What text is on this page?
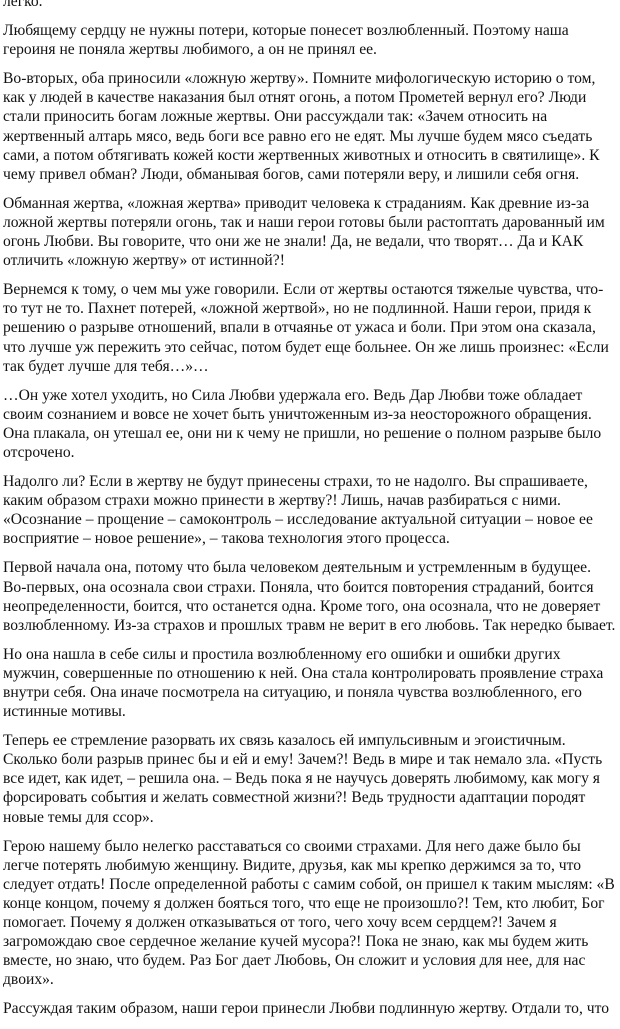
легко.

Любящему сердцу не нужны потери, которые понесет возлюбленный. Поэтому наша героиня не поняла жертвы любимого, а он не принял ее.

Во-вторых, оба приносили «ложную жертву». Помните мифологическую историю о том, как у людей в качестве наказания был отнят огонь, а потом Прометей вернул его? Люди стали приносить богам ложные жертвы. Они рассуждали так: «Зачем относить на жертвенный алтарь мясо, ведь боги все равно его не едят. Мы лучше будем мясо съедать сами, а потом обтягивать кожей кости жертвенных животных и относить в святилище». К чему привел обман? Люди, обманывая богов, сами потеряли веру, и лишили себя огня.

Обманная жертва, «ложная жертва» приводит человека к страданиям. Как древние из-за ложной жертвы потеряли огонь, так и наши герои готовы были растоптать дарованный им огонь Любви. Вы говорите, что они же не знали! Да, не ведали, что творят… Да и КАК отличить «ложную жертву» от истинной?!

Вернемся к тому, о чем мы уже говорили. Если от жертвы остаются тяжелые чувства, что-то тут не то. Пахнет потерей, «ложной жертвой», но не подлинной. Наши герои, придя к решению о разрыве отношений, впали в отчаянье от ужаса и боли. При этом она сказала, что лучше уж пережить это сейчас, потом будет еще больнее. Он же лишь произнес: «Если так будет лучше для тебя…»…

…Он уже хотел уходить, но Сила Любви удержала его. Ведь Дар Любви тоже обладает своим сознанием и вовсе не хочет быть уничтоженным из-за неосторожного обращения. Она плакала, он утешал ее, они ни к чему не пришли, но решение о полном разрыве было отсрочено.

Надолго ли? Если в жертву не будут принесены страхи, то не надолго. Вы спрашиваете, каким образом страхи можно принести в жертву?! Лишь, начав разбираться с ними. «Осознание – прощение – самоконтроль – исследование актуальной ситуации – новое ее восприятие – новое решение», – такова технология этого процесса.

Первой начала она, потому что была человеком деятельным и устремленным в будущее. Во-первых, она осознала свои страхи. Поняла, что боится повторения страданий, боится неопределенности, боится, что останется одна. Кроме того, она осознала, что не доверяет возлюбленному. Из-за страхов и прошлых травм не верит в его любовь. Так нередко бывает.

Но она нашла в себе силы и простила возлюбленному его ошибки и ошибки других мужчин, совершенные по отношению к ней. Она стала контролировать проявление страха внутри себя. Она иначе посмотрела на ситуацию, и поняла чувства возлюбленного, его истинные мотивы.

Теперь ее стремление разорвать их связь казалось ей импульсивным и эгоистичным. Сколько боли разрыв принес бы и ей и ему! Зачем?! Ведь в мире и так немало зла. «Пусть все идет, как идет, – решила она. – Ведь пока я не научусь доверять любимому, как могу я форсировать события и желать совместной жизни?! Ведь трудности адаптации породят новые темы для ссор».

Герою нашему было нелегко расставаться со своими страхами. Для него даже было бы легче потерять любимую женщину. Видите, друзья, как мы крепко держимся за то, что следует отдать! После определенной работы с самим собой, он пришел к таким мыслям: «В конце концом, почему я должен бояться того, что еще не произошло?! Тем, кто любит, Бог помогает. Почему я должен отказываться от того, чего хочу всем сердцем?! Зачем я загромождаю свое сердечное желание кучей мусора?! Пока не знаю, как мы будем жить вместе, но знаю, что будем. Раз Бог дает Любовь, Он сложит и условия для нее, для нас двоих».

Рассуждая таким образом, наши герои принесли Любви подлинную жертву. Отдали то, что
